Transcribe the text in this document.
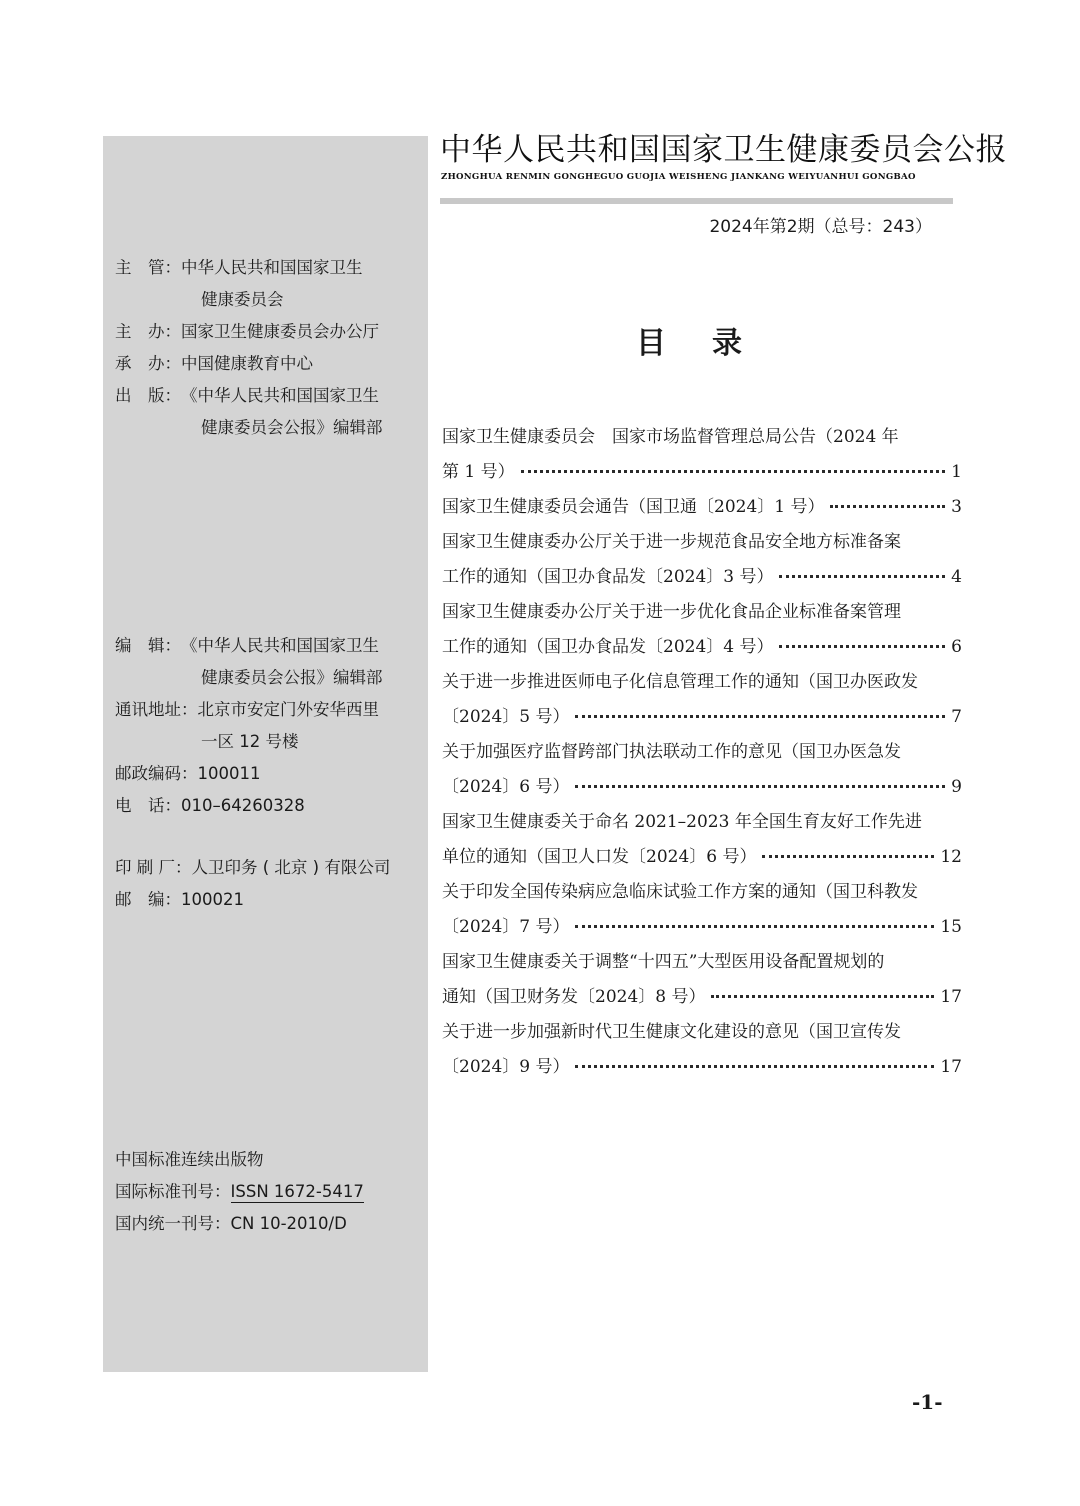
主　管： 中华人民共和国国家卫生
健康委员会
主　办： 国家卫生健康委员会办公厅
承　办： 中国健康教育中心
出　版： 《中华人民共和国国家卫生
健康委员会公报》编辑部
编　辑： 《中华人民共和国国家卫生
健康委员会公报》编辑部
通讯地址： 北京市安定门外安华西里
一区 12 号楼
邮政编码： 100011
电　话： 010–64260328
印 刷 厂： 人卫印务 ( 北京 ) 有限公司
邮　编： 100021
中国标准连续出版物
国际标准刊号：ISSN 1672-5417
国内统一刊号：CN 10-2010/D
中华人民共和国国家卫生健康委员会公报
ZHONGHUA RENMIN GONGHEGUO GUOJIA WEISHENG JIANKANG WEIYUANHUI GONGBAO
2024年第2期（总号：243）
目录
国家卫生健康委员会　国家市场监督管理总局公告（2024 年
第 1 号）	1
国家卫生健康委员会通告（国卫通〔2024〕1 号）	3
国家卫生健康委办公厅关于进一步规范食品安全地方标准备案
工作的通知（国卫办食品发〔2024〕3 号）	4
国家卫生健康委办公厅关于进一步优化食品企业标准备案管理
工作的通知（国卫办食品发〔2024〕4 号）	6
关于进一步推进医师电子化信息管理工作的通知（国卫办医政发
〔2024〕5 号）	7
关于加强医疗监督跨部门执法联动工作的意见（国卫办医急发
〔2024〕6 号）	9
国家卫生健康委关于命名 2021–2023 年全国生育友好工作先进
单位的通知（国卫人口发〔2024〕6 号）	12
关于印发全国传染病应急临床试验工作方案的通知（国卫科教发
〔2024〕7 号）	15
国家卫生健康委关于调整“十四五”大型医用设备配置规划的
通知（国卫财务发〔2024〕8 号）	17
关于进一步加强新时代卫生健康文化建设的意见（国卫宣传发
〔2024〕9 号）	17
-1-
